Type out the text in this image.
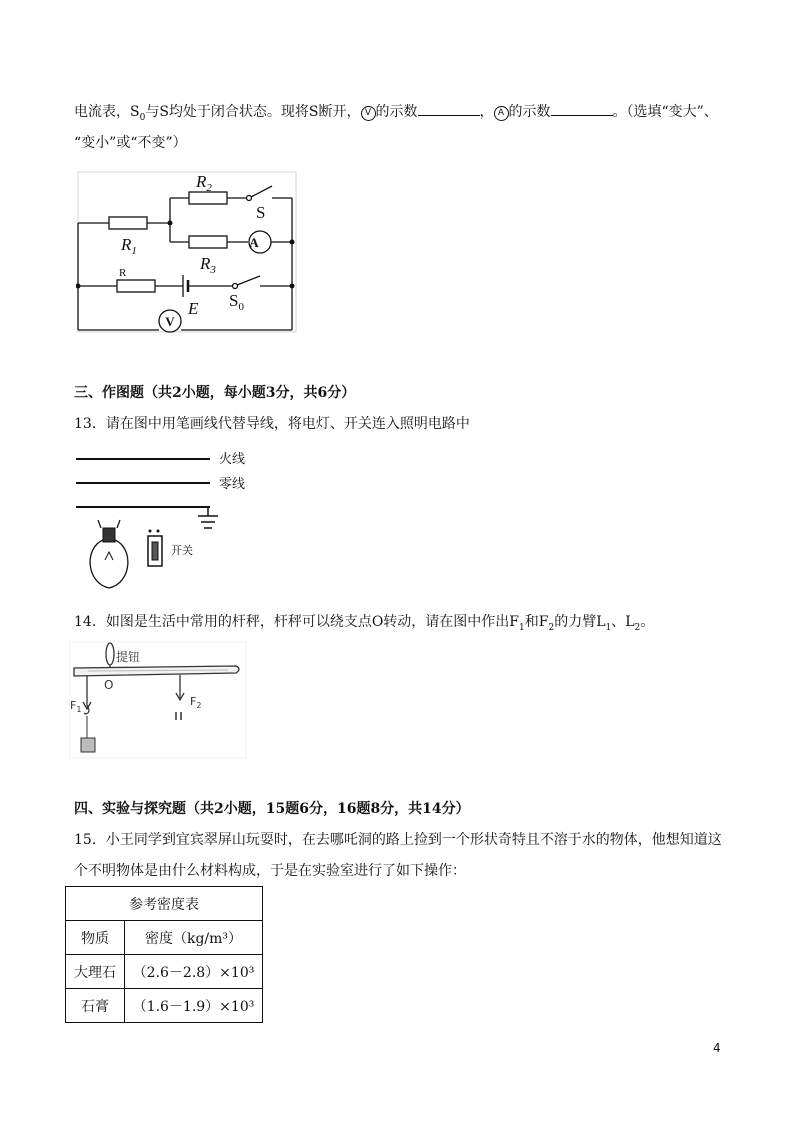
电流表，$S_0$与S均处于闭合状态。现将S断开， V 的示数	， A 的示数	。（选填“变大”、
“变小”或“不变”）
$R_2$
S
$R_1$
A
$R_3$
R
E $S_0$
V
三、作图题（共2小题，每小题3分，共6分）
13．请在图中用笔画线代替导线，将电灯、开关连入照明电路中
火线
零线
开关
14．如图是生活中常用的杆秤，杆秤可以绕支点O转动，请在图中作出$F_1$和$F_2$的力臂$L_1$、$L_2$。
提钮
O
$F_1$
$F_2$
四、实验与探究题（共2小题，15题6分，16题8分，共14分）
15．小王同学到宜宾翠屏山玩耍时，在去哪吒洞的路上捡到一个形状奇特且不溶于水的物体，他想知道这
个不明物体是由什么材料构成，于是在实验室进行了如下操作：
参考密度表	
物质	密度（kg/m³）
大理石	（2.6－2.8）×10³
石膏	（1.6－1.9）×10³
4
